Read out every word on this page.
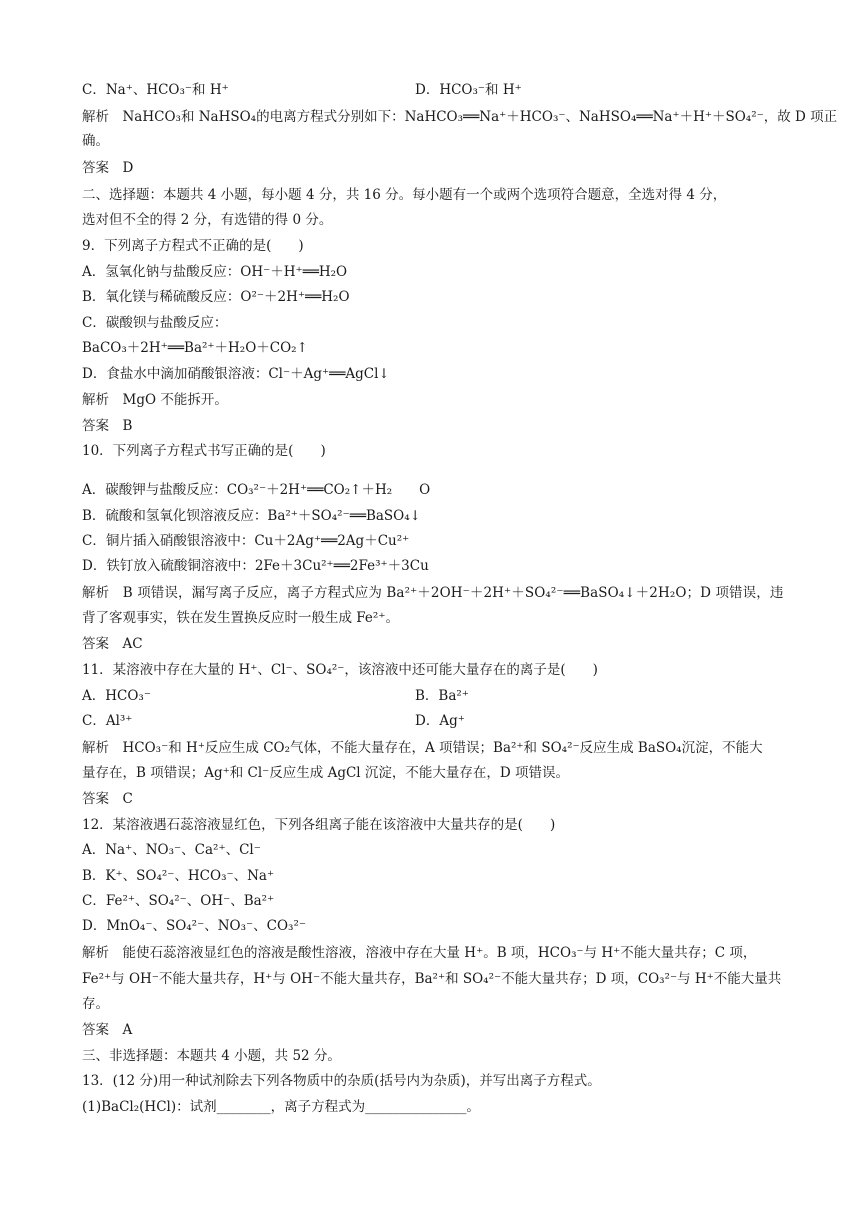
C．Na⁺、HCO₃⁻和 H⁺	D．HCO₃⁻和 H⁺
解析　NaHCO₃和 NaHSO₄的电离方程式分别如下：NaHCO₃══Na⁺＋HCO₃⁻、NaHSO₄══Na⁺＋H⁺＋SO₄²⁻，故 D 项正
确。
答案　D
二、选择题：本题共 4 小题，每小题 4 分，共 16 分。每小题有一个或两个选项符合题意，全选对得 4 分，
选对但不全的得 2 分，有选错的得 0 分。
9．下列离子方程式不正确的是(　　)
A．氢氧化钠与盐酸反应：OH⁻＋H⁺══H₂O
B．氧化镁与稀硫酸反应：O²⁻＋2H⁺══H₂O
C．碳酸钡与盐酸反应：
BaCO₃＋2H⁺══Ba²⁺＋H₂O＋CO₂↑
D．食盐水中滴加硝酸银溶液：Cl⁻＋Ag⁺══AgCl↓
解析　MgO 不能拆开。
答案　B
10．下列离子方程式书写正确的是(　　)
A．碳酸钾与盐酸反应：CO₃²⁻＋2H⁺══CO₂↑＋H₂　　O
B．硫酸和氢氧化钡溶液反应：Ba²⁺＋SO₄²⁻══BaSO₄↓
C．铜片插入硝酸银溶液中：Cu＋2Ag⁺══2Ag＋Cu²⁺
D．铁钉放入硫酸铜溶液中：2Fe＋3Cu²⁺══2Fe³⁺＋3Cu
解析　B 项错误，漏写离子反应，离子方程式应为 Ba²⁺＋2OH⁻＋2H⁺＋SO₄²⁻══BaSO₄↓＋2H₂O；D 项错误，违
背了客观事实，铁在发生置换反应时一般生成 Fe²⁺。
答案　AC
11．某溶液中存在大量的 H⁺、Cl⁻、SO₄²⁻，该溶液中还可能大量存在的离子是(　　)
A．HCO₃⁻	B．Ba²⁺
C．Al³⁺	D．Ag⁺
解析　HCO₃⁻和 H⁺反应生成 CO₂气体，不能大量存在，A 项错误；Ba²⁺和 SO₄²⁻反应生成 BaSO₄沉淀，不能大
量存在，B 项错误；Ag⁺和 Cl⁻反应生成 AgCl 沉淀，不能大量存在，D 项错误。
答案　C
12．某溶液遇石蕊溶液显红色，下列各组离子能在该溶液中大量共存的是(　　)
A．Na⁺、NO₃⁻、Ca²⁺、Cl⁻
B．K⁺、SO₄²⁻、HCO₃⁻、Na⁺
C．Fe²⁺、SO₄²⁻、OH⁻、Ba²⁺
D．MnO₄⁻、SO₄²⁻、NO₃⁻、CO₃²⁻
解析　能使石蕊溶液显红色的溶液是酸性溶液，溶液中存在大量 H⁺。B 项，HCO₃⁻与 H⁺不能大量共存；C 项，
Fe²⁺与 OH⁻不能大量共存，H⁺与 OH⁻不能大量共存，Ba²⁺和 SO₄²⁻不能大量共存；D 项，CO₃²⁻与 H⁺不能大量共
存。
答案　A
三、非选择题：本题共 4 小题，共 52 分。
13．(12 分)用一种试剂除去下列各物质中的杂质(括号内为杂质)，并写出离子方程式。
(1)BaCl₂(HCl)：试剂________，离子方程式为_______________。
